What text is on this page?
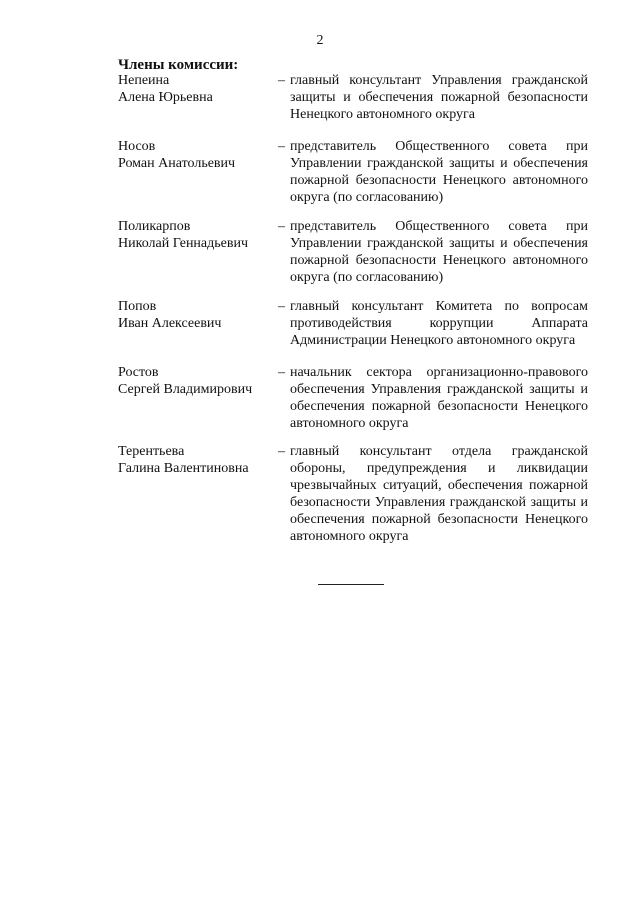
2
Члены комиссии:
Непеина
Алена Юрьевна
– главный консультант Управления гражданской защиты и обеспечения пожарной безопасности Ненецкого автономного округа
Носов
Роман Анатольевич
– представитель Общественного совета при Управлении гражданской защиты и обеспечения пожарной безопасности Ненецкого автономного округа (по согласованию)
Поликарпов
Николай Геннадьевич
– представитель Общественного совета при Управлении гражданской защиты и обеспечения пожарной безопасности Ненецкого автономного округа (по согласованию)
Попов
Иван Алексеевич
– главный консультант Комитета по вопросам противодействия коррупции Аппарата Администрации Ненецкого автономного округа
Ростов
Сергей Владимирович
– начальник сектора организационно-правового обеспечения Управления гражданской защиты и обеспечения пожарной безопасности Ненецкого автономного округа
Терентьева
Галина Валентиновна
– главный консультант отдела гражданской обороны, предупреждения и ликвидации чрезвычайных ситуаций, обеспечения пожарной безопасности Управления гражданской защиты и обеспечения пожарной безопасности Ненецкого автономного округа
